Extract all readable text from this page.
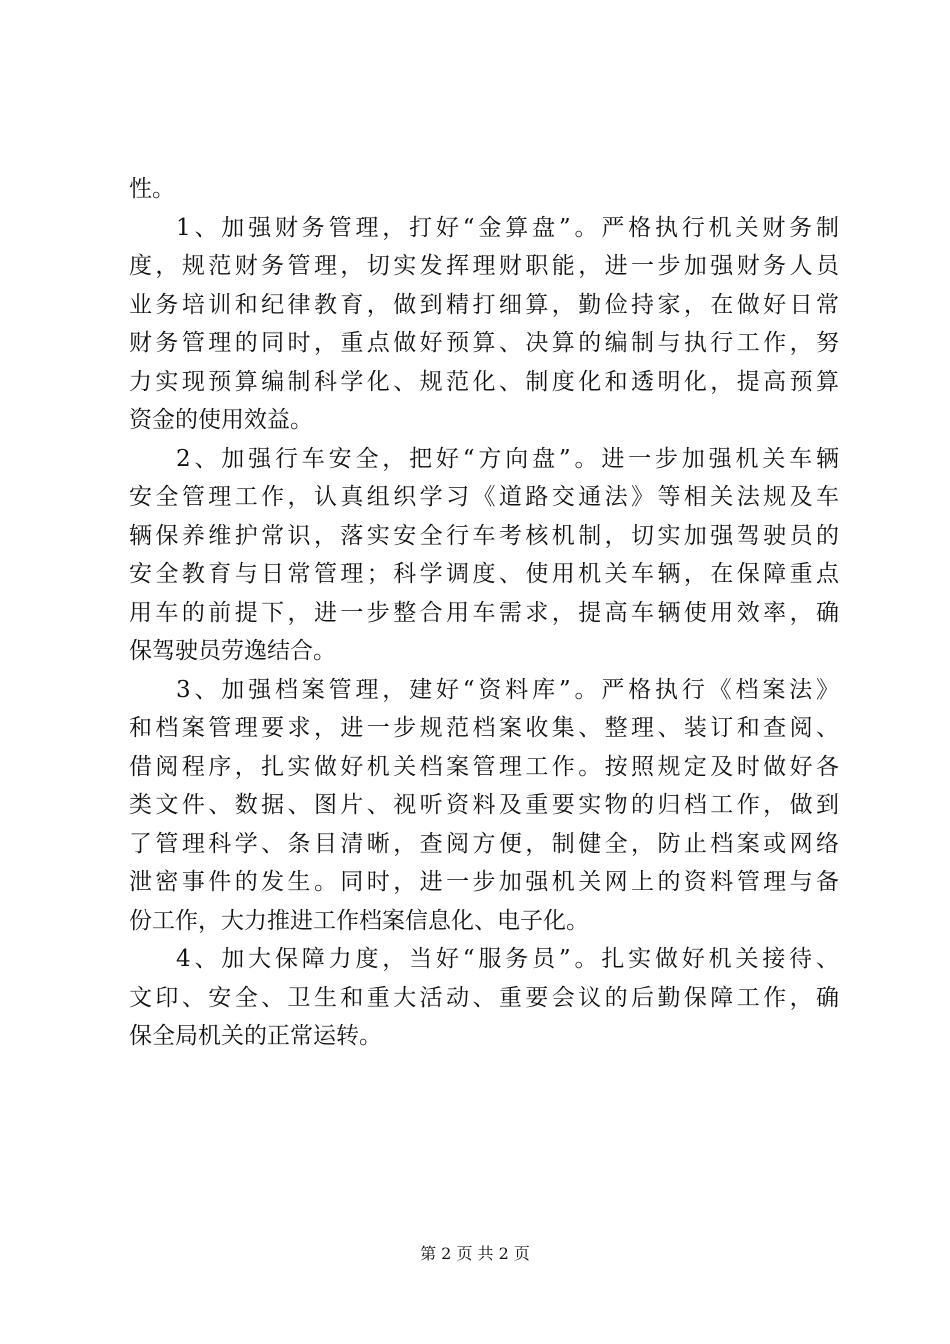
性。
1、加强财务管理，打好“金算盘”。严格执行机关财务制
度，规范财务管理，切实发挥理财职能，进一步加强财务人员
业务培训和纪律教育，做到精打细算，勤俭持家，在做好日常
财务管理的同时，重点做好预算、决算的编制与执行工作，努
力实现预算编制科学化、规范化、制度化和透明化，提高预算
资金的使用效益。
2、加强行车安全，把好“方向盘”。进一步加强机关车辆
安全管理工作，认真组织学习《道路交通法》等相关法规及车
辆保养维护常识，落实安全行车考核机制，切实加强驾驶员的
安全教育与日常管理；科学调度、使用机关车辆，在保障重点
用车的前提下，进一步整合用车需求，提高车辆使用效率，确
保驾驶员劳逸结合。
3、加强档案管理，建好“资料库”。严格执行《档案法》
和档案管理要求，进一步规范档案收集、整理、装订和查阅、
借阅程序，扎实做好机关档案管理工作。按照规定及时做好各
类文件、数据、图片、视听资料及重要实物的归档工作，做到
了管理科学、条目清晰，查阅方便，制健全，防止档案或网络
泄密事件的发生。同时，进一步加强机关网上的资料管理与备
份工作，大力推进工作档案信息化、电子化。
4、加大保障力度，当好“服务员”。扎实做好机关接待、
文印、安全、卫生和重大活动、重要会议的后勤保障工作，确
保全局机关的正常运转。
第 2 页 共 2 页
